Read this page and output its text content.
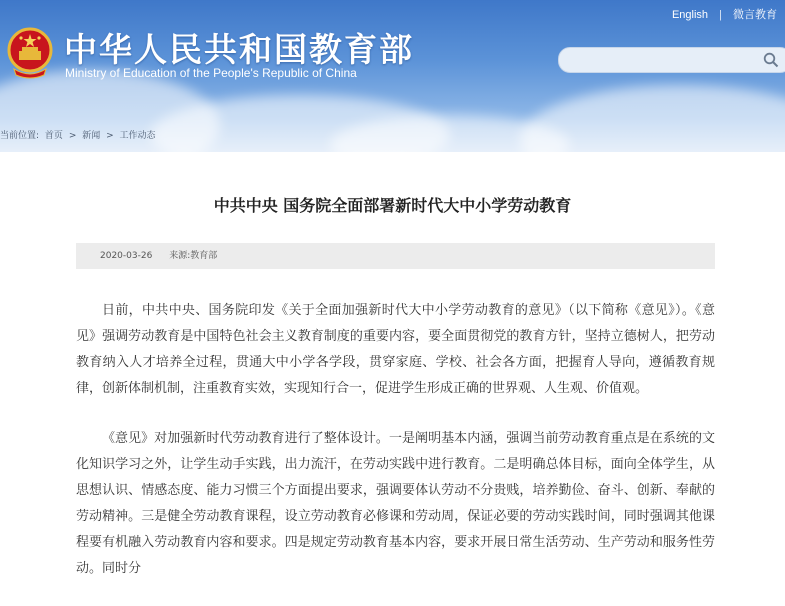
中华人民共和国教育部
Ministry of Education of the People's Republic of China
English | 微言教育
当前位置: 首页 > 新闻 > 工作动态
中共中央 国务院全面部署新时代大中小学劳动教育
2020-03-26 来源:教育部

日前，中共中央、国务院印发《关于全面加强新时代大中小学劳动教育的意见》（以下简称《意见》）。《意见》强调劳动教育是中国特色社会主义教育制度的重要内容，要全面贯彻党的教育方针，坚持立德树人，把劳动教育纳入人才培养全过程，贯通大中小学各学段，贯穿家庭、学校、社会各方面，把握育人导向，遵循教育规律，创新体制机制，注重教育实效，实现知行合一，促进学生形成正确的世界观、人生观、价值观。

《意见》对加强新时代劳动教育进行了整体设计。一是阐明基本内涵，强调当前劳动教育重点是在系统的文化知识学习之外，让学生动手实践，出力流汗，在劳动实践中进行教育。二是明确总体目标，面向全体学生，从思想认识、情感态度、能力习惯三个方面提出要求，强调要体认劳动不分贵贱，培养勤俭、奋斗、创新、奉献的劳动精神。三是健全劳动教育课程，设立劳动教育必修课和劳动周，保证必要的劳动实践时间，同时强调其他课程要有机融入劳动教育内容和要求。四是规定劳动教育基本内容，要求开展日常生活劳动、生产劳动和服务性劳动。同时分
